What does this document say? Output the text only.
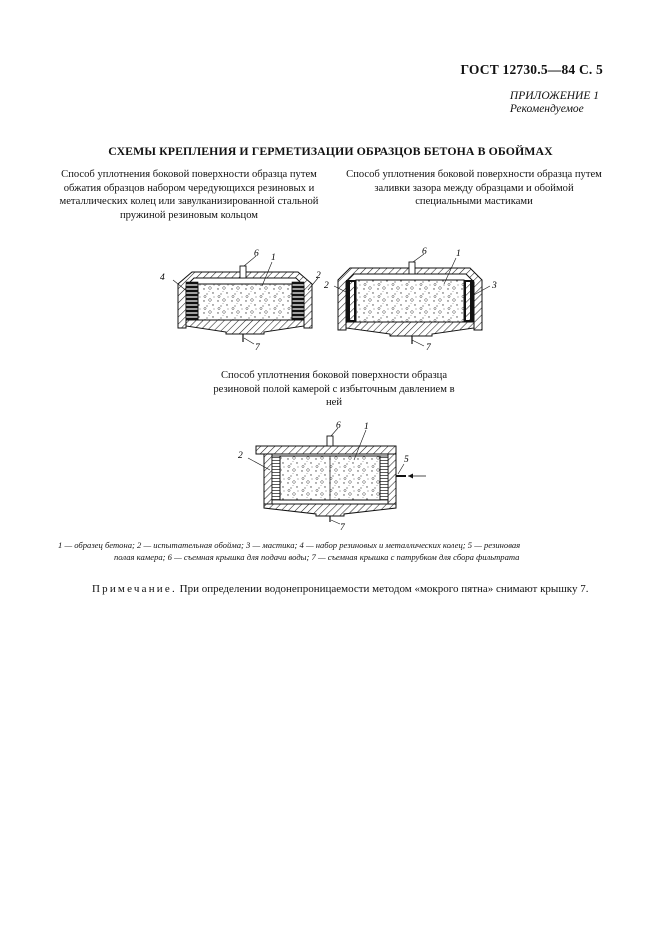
ГОСТ 12730.5—84 С. 5
ПРИЛОЖЕНИЕ 1
Рекомендуемое
СХЕМЫ КРЕПЛЕНИЯ И ГЕРМЕТИЗАЦИИ ОБРАЗЦОВ БЕТОНА В ОБОЙМАХ
Способ уплотнения боковой поверхности образца путем обжатия образцов набором чередующихся резиновых и металлических колец или завулканизированной стальной пружиной резиновым кольцом
Способ уплотнения боковой поверхности образца путем заливки зазора между образцами и обоймой специальными мастиками
6 1
4	2
7
6	1
2	3
7
Способ уплотнения боковой поверхности образца резиновой полой камерой с избыточным давлением в ней
6 1
2	5
7
1 — образец бетона; 2 — испытательная обойма; 3 — мастика; 4 — набор резиновых и металлических колец; 5 — резиновая
полая камера; 6 — съемная крышка для подачи воды; 7 — съемная крышка с патрубком для сбора фильтрата
Примечание. При определении водонепроницаемости методом «мокрого пятна» снимают крышку 7.
